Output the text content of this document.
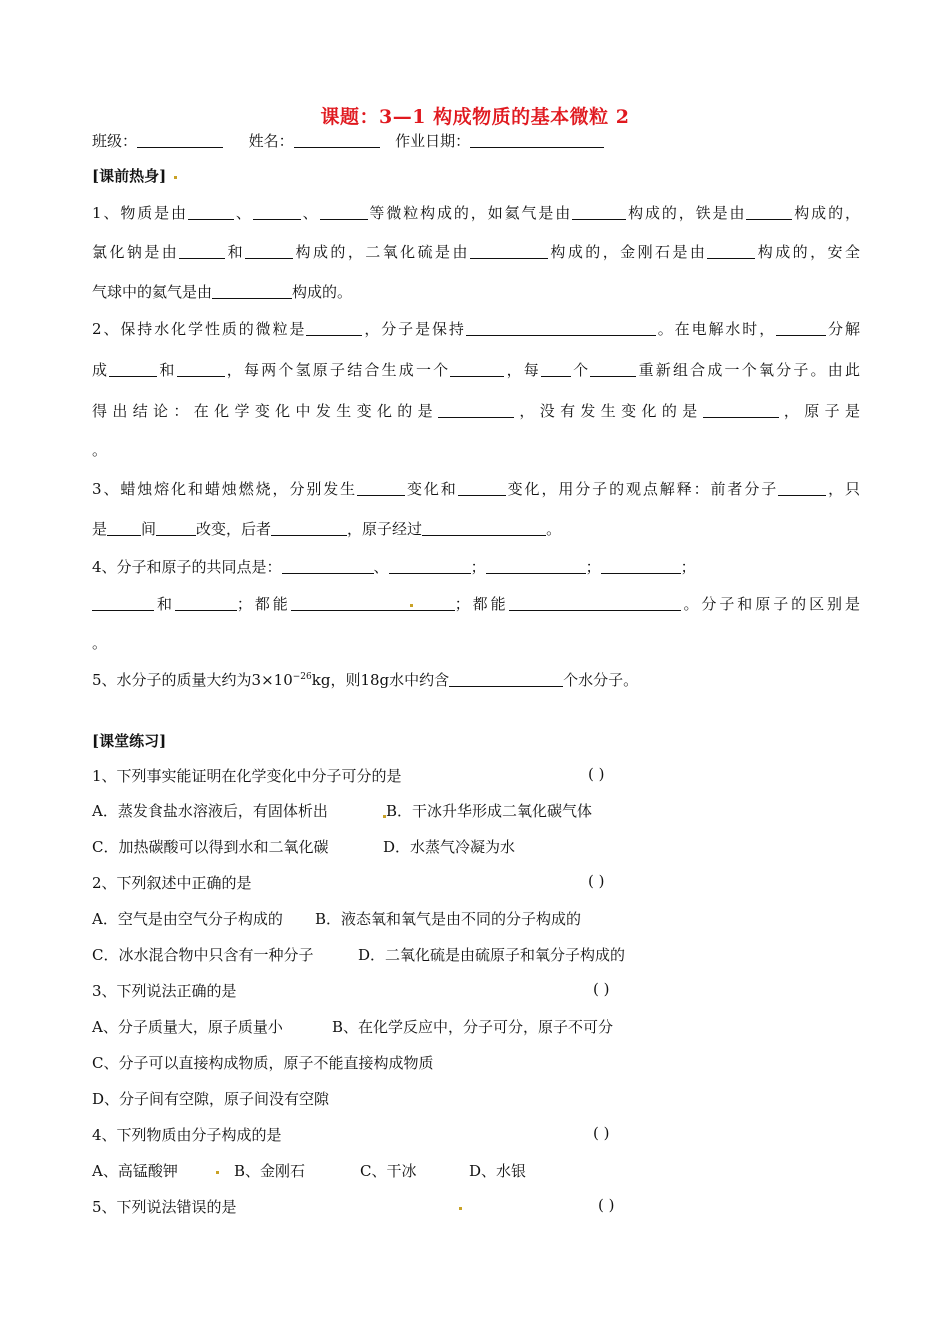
课题：3—1 构成物质的基本微粒 2
班级：	姓名：	作业日期：
[课前热身]
1、物质是由	、	、	等微粒构成的，如氦气是由	构成的，铁是由	构成的，
氯化钠是由	和	构成的，二氧化硫是由	构成的，金刚石是由	构成的，安全
气球中的氦气是由	构成的。
2、保持水化学性质的微粒是	，分子是保持	。在电解水时，	分解
成	和	，每两个氢原子结合生成一个	，每 个	重新组合成一个氧分子。由此
得出结论：在化学变化中发生变化的是	，没有发生变化的是	，原子是
。
3、蜡烛熔化和蜡烛燃烧，分别发生	变化和	变化，用分子的观点解释：前者分子	，只
是 间	改变，后者	，原子经过	。
4、分子和原子的共同点是：	、	；	；	；
和	；都能	；都能	。分子和原子的区别是
。
5、水分子的质量大约为$3\times 10^{-26}kg$，则18g水中约含	个水分子。
[课堂练习]
1、下列事实能证明在化学变化中分子可分的是	( )
A．蒸发食盐水溶液后，有固体析出	B．干冰升华形成二氧化碳气体
C．加热碳酸可以得到水和二氧化碳	D．水蒸气冷凝为水
2、下列叙述中正确的是	( )
A．空气是由空气分子构成的 B．液态氧和氧气是由不同的分子构成的
C．冰水混合物中只含有一种分子	D．二氧化硫是由硫原子和氧分子构成的
3、下列说法正确的是	( )
A、分子质量大，原子质量小	B、在化学反应中，分子可分，原子不可分
C、分子可以直接构成物质，原子不能直接构成物质
D、分子间有空隙，原子间没有空隙
4、下列物质由分子构成的是	( )
A、高锰酸钾	B、金刚石	C、干冰	D、水银
5、下列说法错误的是	( )
